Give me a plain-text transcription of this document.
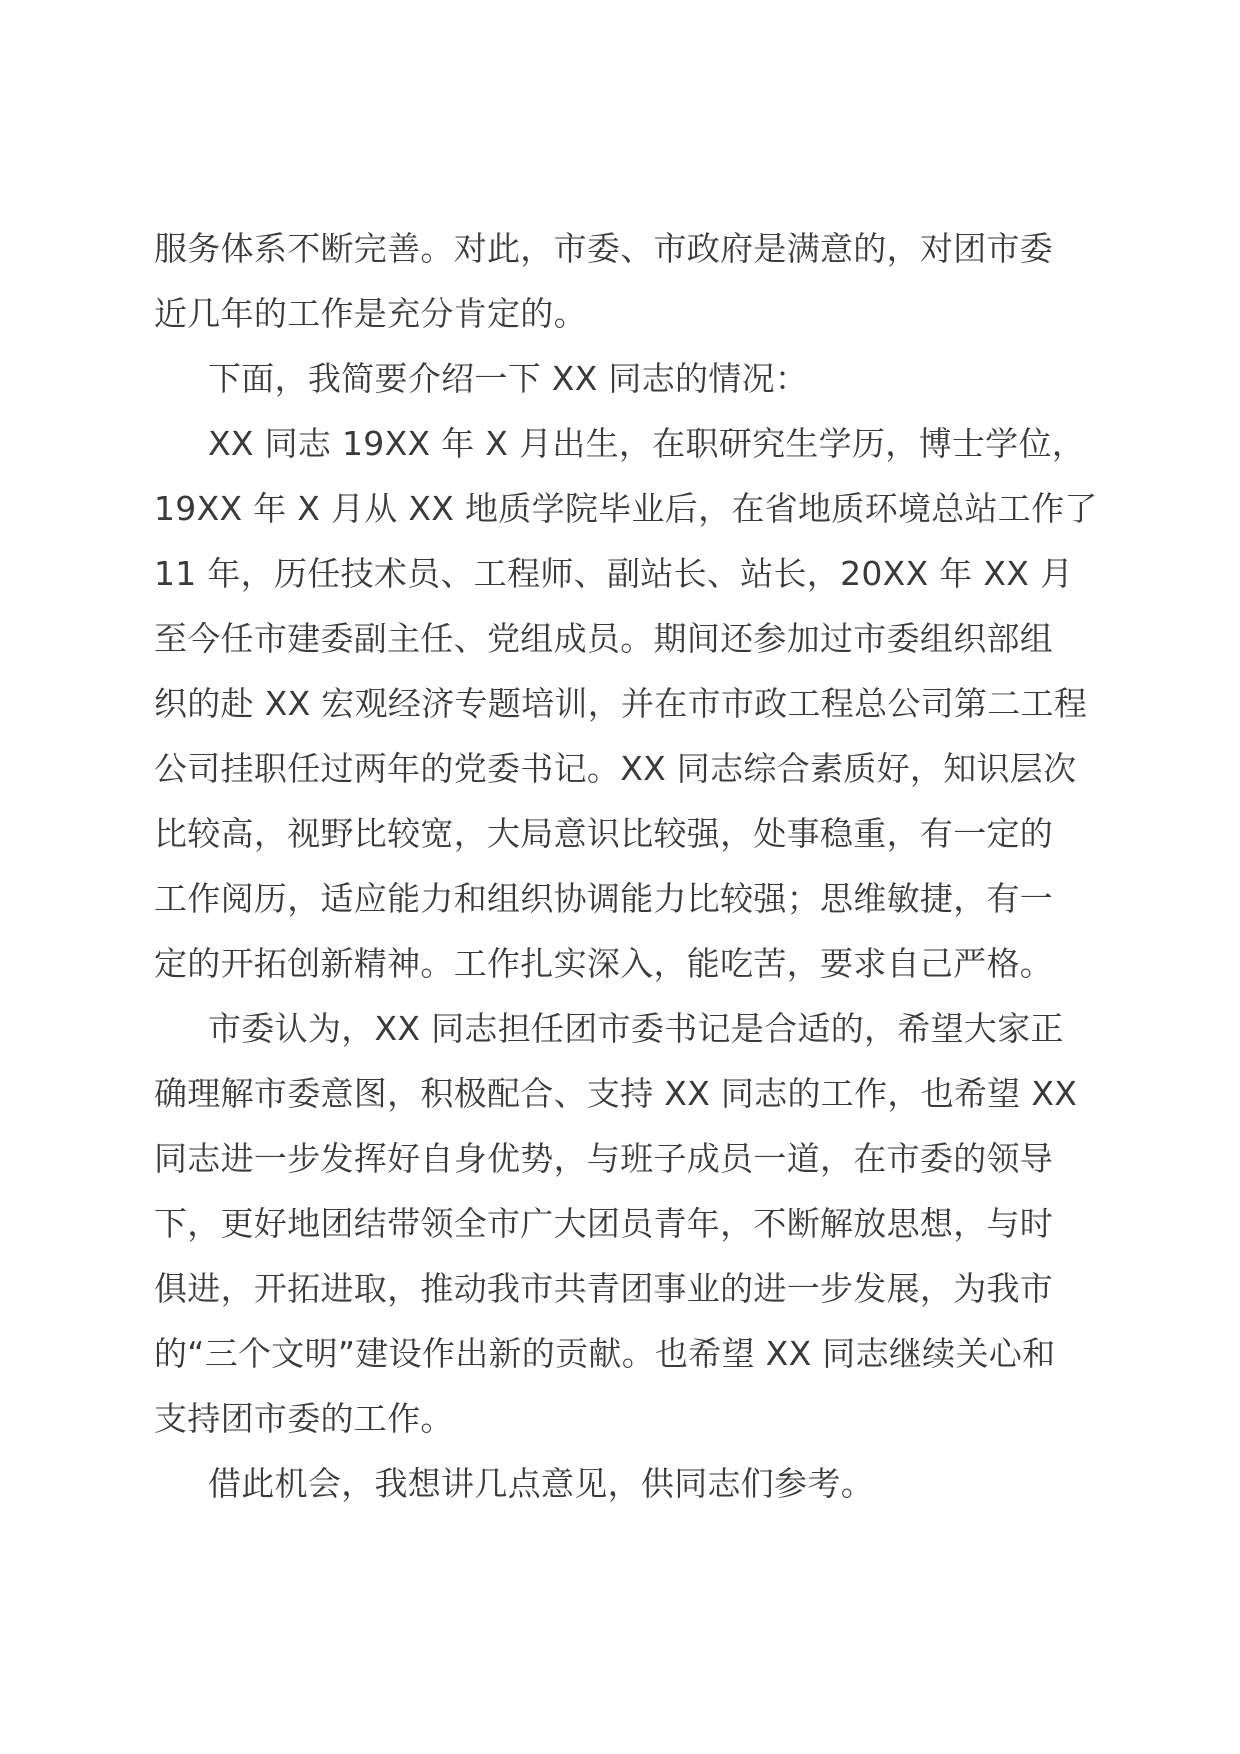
服务体系不断完善。对此，市委、市政府是满意的，对团市委
近几年的工作是充分肯定的。

下面，我简要介绍一下 XX 同志的情况：

XX 同志 19XX 年 X 月出生，在职研究生学历，博士学位，
19XX 年 X 月从 XX 地质学院毕业后，在省地质环境总站工作了
11 年，历任技术员、工程师、副站长、站长，20XX 年 XX 月
至今任市建委副主任、党组成员。期间还参加过市委组织部组
织的赴 XX 宏观经济专题培训，并在市市政工程总公司第二工程
公司挂职任过两年的党委书记。XX 同志综合素质好，知识层次
比较高，视野比较宽，大局意识比较强，处事稳重，有一定的
工作阅历，适应能力和组织协调能力比较强；思维敏捷，有一
定的开拓创新精神。工作扎实深入，能吃苦，要求自己严格。

市委认为，XX 同志担任团市委书记是合适的，希望大家正
确理解市委意图，积极配合、支持 XX 同志的工作，也希望 XX
同志进一步发挥好自身优势，与班子成员一道，在市委的领导
下，更好地团结带领全市广大团员青年，不断解放思想，与时
俱进，开拓进取，推动我市共青团事业的进一步发展，为我市
的“三个文明”建设作出新的贡献。也希望 XX 同志继续关心和
支持团市委的工作。

借此机会，我想讲几点意见，供同志们参考。
